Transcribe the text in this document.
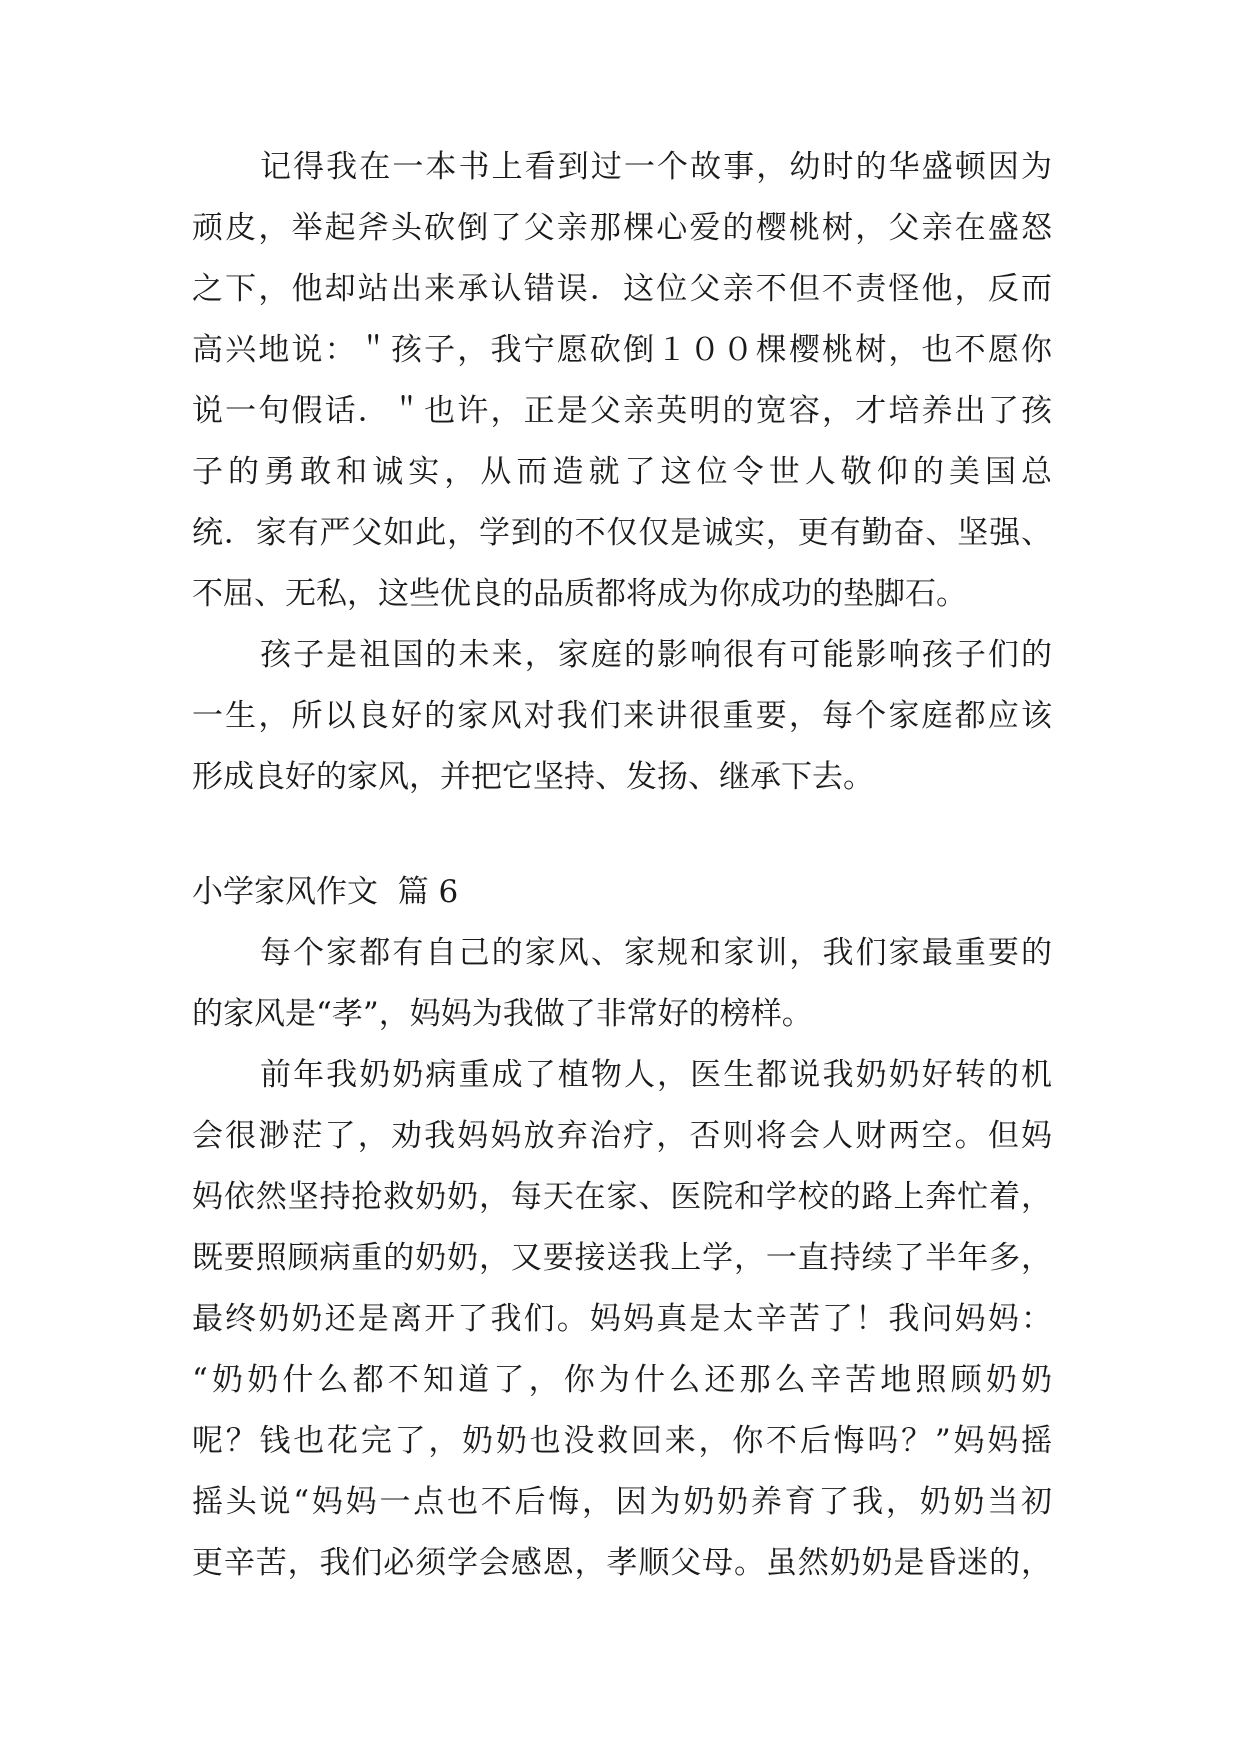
记得我在一本书上看到过一个故事，幼时的华盛顿因为
顽皮，举起斧头砍倒了父亲那棵心爱的樱桃树，父亲在盛怒
之下，他却站出来承认错误．这位父亲不但不责怪他，反而
高兴地说：＂孩子，我宁愿砍倒１００棵樱桃树，也不愿你
说一句假话．＂也许，正是父亲英明的宽容，才培养出了孩
子的勇敢和诚实，从而造就了这位令世人敬仰的美国总
统．家有严父如此，学到的不仅仅是诚实，更有勤奋、坚强、
不屈、无私，这些优良的品质都将成为你成功的垫脚石。
孩子是祖国的未来，家庭的影响很有可能影响孩子们的
一生，所以良好的家风对我们来讲很重要，每个家庭都应该
形成良好的家风，并把它坚持、发扬、继承下去。
小学家风作文  篇 6
每个家都有自己的家风、家规和家训，我们家最重要的
的家风是“孝”，妈妈为我做了非常好的榜样。
前年我奶奶病重成了植物人，医生都说我奶奶好转的机
会很渺茫了，劝我妈妈放弃治疗，否则将会人财两空。但妈
妈依然坚持抢救奶奶，每天在家、医院和学校的路上奔忙着，
既要照顾病重的奶奶，又要接送我上学，一直持续了半年多，
最终奶奶还是离开了我们。妈妈真是太辛苦了！我问妈妈：
“奶奶什么都不知道了，你为什么还那么辛苦地照顾奶奶
呢？钱也花完了，奶奶也没救回来，你不后悔吗？”妈妈摇
摇头说“妈妈一点也不后悔，因为奶奶养育了我，奶奶当初
更辛苦，我们必须学会感恩，孝顺父母。虽然奶奶是昏迷的，
